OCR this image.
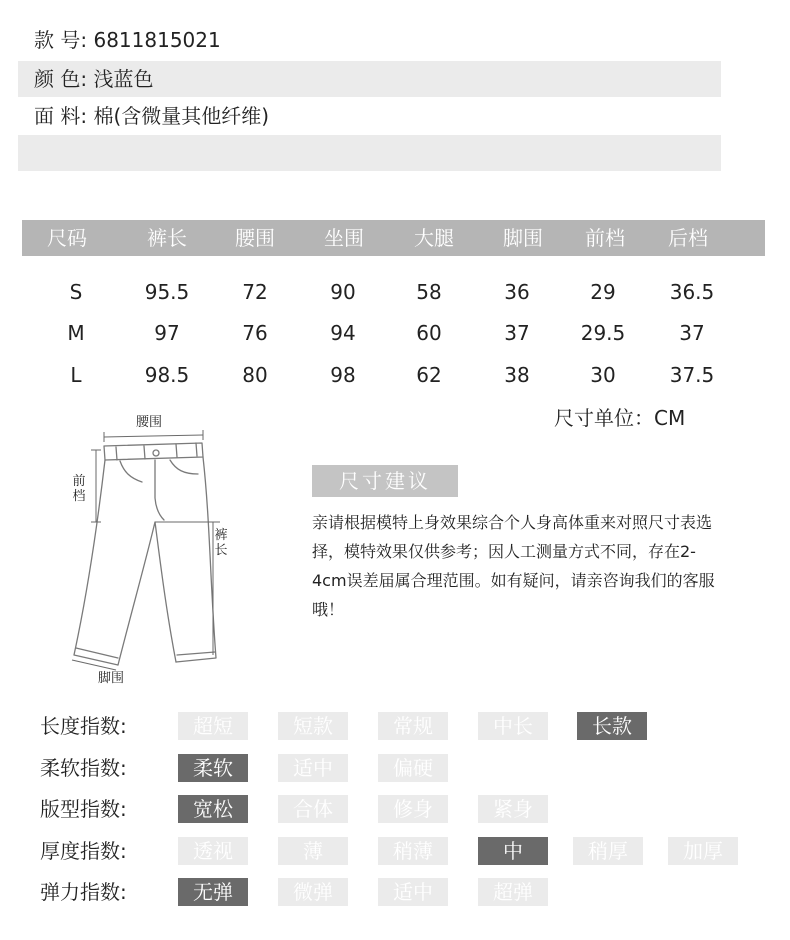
款 号: 6811815021
颜 色: 浅蓝色
面 料: 棉(含微量其他纤维)
尺码	裤长	腰围	坐围	大腿	脚围	前档	后档
S	95.5	72	90	58	36	29	36.5
M	97	76	94	60	37	29.5	37
L	98.5	80	98	62	38	30	37.5
尺寸单位：CM
腰围
前档
裤长
脚围
尺寸建议
亲请根据模特上身效果综合个人身高体重来对照尺寸表选择，模特效果仅供参考；因人工测量方式不同，存在2-4cm误差届属合理范围。如有疑问，请亲咨询我们的客服哦！
长度指数:	超短	短款	常规	中长	长款
柔软指数:	柔软	适中	偏硬
版型指数:	宽松	合体	修身	紧身
厚度指数:	透视	薄	稍薄	中	稍厚	加厚
弹力指数:	无弹	微弹	适中	超弹
